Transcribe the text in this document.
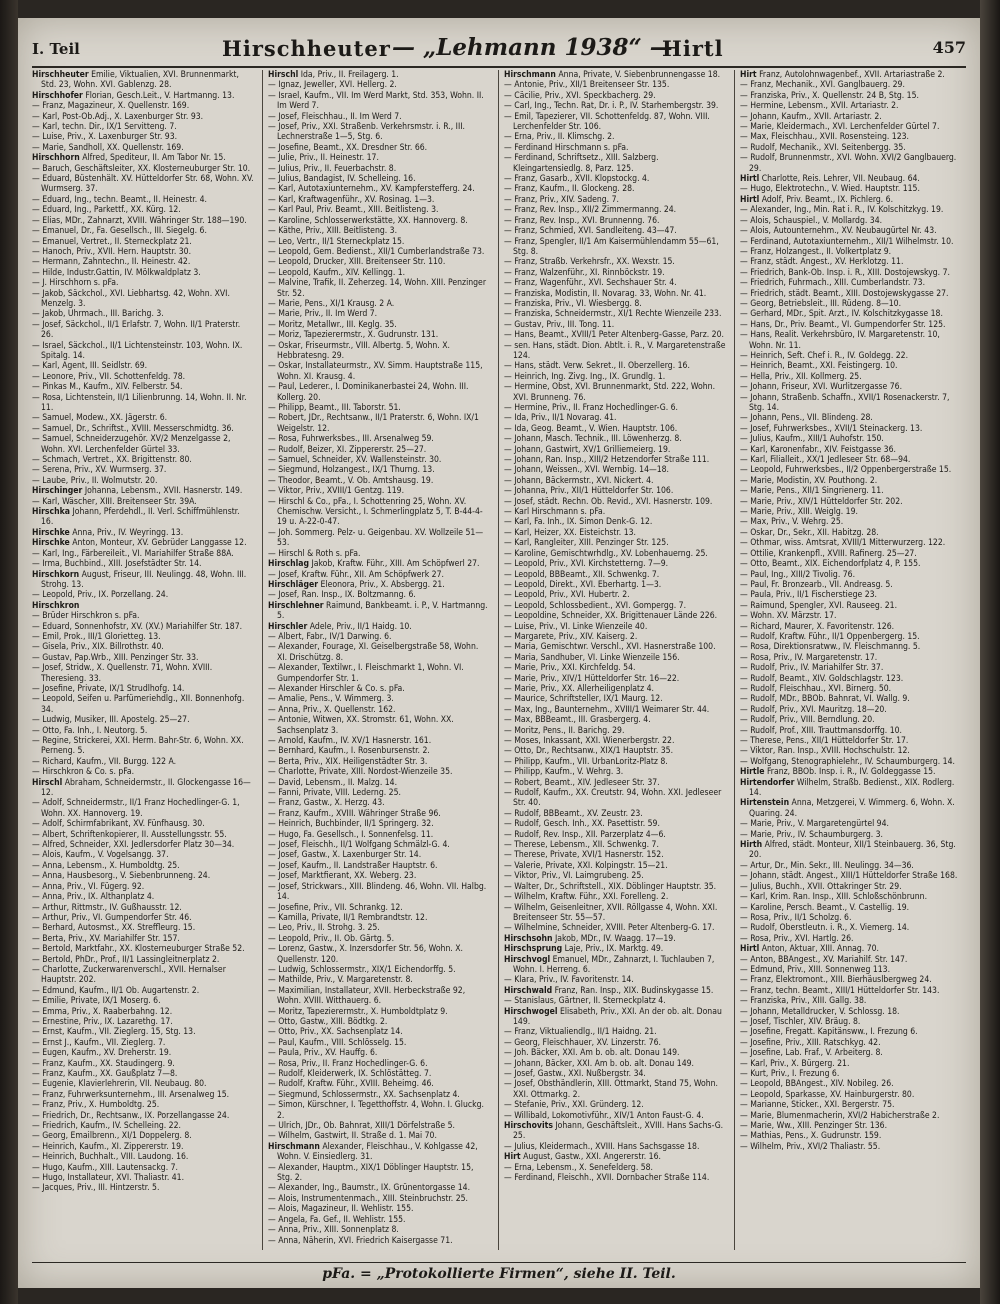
I. Teil	Hirschheuter — „Lehmann 1938“ —
Hirtl	457

Hirschheuter Emilie, Viktualien, XVI. Brunnenmarkt, Std. 23, Wohn. XVI. Gablenzg. 28.

Hirschhofer Florian, Gesch.Leit., V. Hartmanng. 13.

— Franz, Magazineur, X. Quellenstr. 169.

— Karl, Post-Ob.Adj., X. Laxenburger Str. 93.

— Karl, techn. Dir., IX/1 Servitteng. 7.

— Luise, Priv., X. Laxenburger Str. 93.

— Marie, Sandholl, XX. Quellenstr. 169.

Hirschhorn Alfred, Spediteur, II. Am Tabor Nr. 15.

— Baruch, Geschäftsleiter, XX. Klosterneuburger Str. 10.

— Eduard, Büstenhält. XV. Hütteldorfer Str. 68, Wohn. XV. Wurmserg. 37.

— Eduard, Ing., techn. Beamt., II. Heinestr. 4.

— Eduard, Ing., Parkettf., XX. Kürg. 12.

— Elias, MDr., Zahnarzt, XVIII. Währinger Str. 188—190.

— Emanuel, Dr., Fa. Gesellsch., III. Siegelg. 6.

— Emanuel, Vertret., II. Sterneckplatz 21.

— Hanoch, Priv., XVII. Hern. Hauptstr. 30.

— Hermann, Zahntechn., II. Heinestr. 42.

— Hilde, Industr.Gattin, IV. Mölkwaldplatz 3.

— J. Hirschhorn s. pFa.

— Jakob, Säckchol., XVI. Liebhartsg. 42, Wohn. XVI. Menzelg. 3.

— Jakob, Uhrmach., III. Barichg. 3.

— Josef, Säckchol., II/1 Erlafstr. 7, Wohn. II/1 Praterstr. 26.

— Israel, Säckchol., II/1 Lichtensteinstr. 103, Wohn. IX. Spitalg. 14.

— Karl, Agent, III. Seidlstr. 69.

— Leonore, Priv., VII. Schottenfeldg. 78.

— Pinkas M., Kaufm., XIV. Felberstr. 54.

— Rosa, Lichtenstein, II/1 Lilienbrunng. 14, Wohn. II. Nr. 11.

— Samuel, Modew., XX. Jägerstr. 6.

— Samuel, Dr., Schriftst., XVIII. Messerschmidtg. 36.

— Samuel, Schneiderzugehör. XV/2 Menzelgasse 2, Wohn. XVI. Lerchenfelder Gürtel 33.

— Schmach, Vertret., XX. Brigittenstr. 80.

— Serena, Priv., XV. Wurmserg. 37.

— Laube, Priv., II. Wolmutstr. 20.

Hirschinger Johanna, Lebensm., XVII. Hasnerstr. 149.

— Karl, Wäscher, XIII. Breitenseer Str. 39A.

Hirschka Johann, Pferdehdl., II. Verl. Schiffmühlenstr. 16.

Hirschke Anna, Priv., IV. Weyringg. 13.

Hirschke Anton, Monteur, XV. Gebrüder Langgasse 12.

— Karl, Ing., Färbereileit., VI. Mariahilfer Straße 88A.

— Irma, Buchbind., XIII. Josefstädter Str. 14.

Hirschkorn August, Friseur, III. Neulingg. 48, Wohn. III. Strohg. 13.

— Leopold, Priv., IX. Porzellang. 24.

Hirschkron

— Brüder Hirschkron s. pFa.

— Eduard, Sonnenhofstr, XV. (XV.) Mariahilfer Str. 187.

— Emil, Prok., III/1 Glorietteg. 13.

— Gisela, Priv., XIX. Billrothstr. 40.

— Gustav, Pap.Wrb., XIII. Penzinger Str. 33.

— Josef, Stridw., X. Quellenstr. 71, Wohn. XVIII. Theresieng. 33.

— Josefine, Private, IX/1 Strudlhofg. 14.

— Leopold, Seifen u. Parfümeriehdlg., XII. Bonnenhofg. 34.

— Ludwig, Musiker, III. Apostelg. 25—27.

— Otto, Fa. Inh., I. Neutorg. 5.

— Regine, Strickerei, XXI. Herm. Bahr-Str. 6, Wohn. XX. Perneng. 5.

— Richard, Kaufm., VII. Burgg. 122 A.

— Hirschkron & Co. s. pFa.

Hirschl Abraham, Schneidermstr., II. Glockengasse 16—12.

— Adolf, Schneidermstr., II/1 Franz Hochedlinger-G. 1, Wohn. XX. Hannoverg. 19.

— Adolf, Schirmfabrikant, XV. Fünfhausg. 30.

— Albert, Schriftenkopierer, II. Ausstellungsstr. 55.

— Alfred, Schneider, XXI. Jedlersdorfer Platz 30—34.

— Alois, Kaufm., V. Vogelsangg. 37.

— Anna, Lebensm., X. Humboldtg. 25.

— Anna, Hausbesorg., V. Siebenbrunneng. 24.

— Anna, Priv., VI. Fügerg. 92.

— Anna, Priv., IX. Althanplatz 4.

— Arthur, Rittmstr., IV. Gußhausstr. 12.

— Arthur, Priv., VI. Gumpendorfer Str. 46.

— Berhard, Autosmst., XX. Streffleurg. 15.

— Berta, Priv., XV. Mariahilfer Str. 157.

— Bertold, Marktfahr., XX. Klosterneuburger Straße 52.

— Bertold, PhDr., Prof., II/1 Lassingleitnerplatz 2.

— Charlotte, Zuckerwarenverschl., XVII. Hernalser Hauptstr. 202.

— Edmund, Kaufm., II/1 Ob. Augartenstr. 2.

— Emilie, Private, IX/1 Moserg. 6.

— Emma, Priv., X. Raaberbahng. 12.

— Ernestine, Priv., IX. Lazarethg. 17.

— Ernst, Kaufm., VII. Zieglerg. 15, Stg. 13.

— Ernst J., Kaufm., VII. Zieglerg. 7.

— Eugen, Kaufm., XV. Dreherstr. 19.

— Franz, Kaufm., XX. Staudingerg. 9.

— Franz, Kaufm., XX. Gaußplatz 7—8.

— Eugenie, Klavierlehrerin, VII. Neubaug. 80.

— Franz, Fuhrwerksunternehm., III. Arsenalweg 15.

— Franz, Priv., X. Humboldtg. 25.

— Friedrich, Dr., Rechtsanw., IX. Porzellangasse 24.

— Friedrich, Kaufm., IV. Schelleing. 22.

— Georg, Emailbrenn., XI/1 Doppelerg. 8.

— Heinrich, Kaufm., XI. Zippererstr. 19.

— Heinrich, Buchhalt., VIII. Laudong. 16.

— Hugo, Kaufm., XIII. Lautensackg. 7.

— Hugo, Installateur, XVI. Thaliastr. 41.

— Jacques, Priv., III. Hintzerstr. 5.

Hirschl Ida, Priv., II. Freilagerg. 1.

— Ignaz, Jeweller, XVI. Hellerg. 2.

— Israel, Kaufm., VII. Im Werd Markt, Std. 353, Wohn. II. Im Werd 7.

— Josef, Fleischhau., II. Im Werd 7.

— Josef, Priv., XXI. Straßenb. Verkehrsmstr. i. R., III. Lechnerstraße 1—5, Stg. 6.

— Josefine, Beamt., XX. Dresdner Str. 66.

— Julie, Priv., II. Heinestr. 17.

— Julius, Priv., II. Feuerbachstr. 8.

— Julius, Bandagist, IV. Schelleing. 16.

— Karl, Autotaxiunternehm., XV. Kampferstefferg. 24.

— Karl, Kraftwagenführ., XV. Rosinag. 1—3.

— Karl Paul, Priv. Beamt., XIII. Beitlisteng. 3.

— Karoline, Schlosserwerkstätte, XX. Hannoverg. 8.

— Käthe, Priv., XIII. Beitlisteng. 3.

— Leo, Vertr., II/1 Sterneckplatz 15.

— Leopold, Gem. Bedienst., XII/1 Cumberlandstraße 73.

— Leopold, Drucker, XIII. Breitenseer Str. 110.

— Leopold, Kaufm., XIV. Kellingg. 1.

— Malvine, Trafik, II. Zeherzeg. 14, Wohn. XIII. Penzinger Str. 52.

— Marie, Pens., XI/1 Krausg. 2 A.

— Marie, Priv., II. Im Werd 7.

— Moritz, Metallwr., III. Keglg. 35.

— Moriz, Tapezierermstr., X. Gudrunstr. 131.

— Oskar, Friseurmstr., VIII. Albertg. 5, Wohn. X. Hebbratesng. 29.

— Oskar, Installateurmstr., XV. Simm. Hauptstraße 115, Wohn. XI. Krausg. 4.

— Paul, Lederer., I. Dominikanerbastei 24, Wohn. III. Kollerg. 20.

— Philipp, Beamt., III. Taborstr. 51.

— Robert, JDr., Rechtsanw., II/1 Praterstr. 6, Wohn. IX/1 Weigelstr. 12.

— Rosa, Fuhrwerksbes., III. Arsenalweg 59.

— Rudolf, Beizer, XI. Zippererstr. 25—27.

— Samuel, Schneider, XV. Wallensteinstr. 30.

— Siegmund, Holzangest., IX/1 Thurng. 13.

— Theodor, Beamt., V. Ob. Amtshausg. 19.

— Viktor, Priv., XVIII/1 Gentzg. 119.

— Hirschl & Co., pFa., I. Schottenring 25, Wohn. XV. Chemischw. Versicht., I. Schmerlingplatz 5, T. B-44-4-19 u. A-22-0-47.

— Joh. Sommerg. Pelz- u. Geigenbau. XV. Wollzeile 51—53.

— Hirschl & Roth s. pFa.

Hirschlag Jakob, Kraftw. Führ., XIII. Am Schöpfwerl 27.

— Josef, Kraftw. Führ., XII. Am Schöpfwerk 27.

Hirschläger Eleonora, Priv., X. Absbergg. 21.

— Josef, Ran. Insp., IX. Boltzmanng. 6.

Hirschlehner Raimund, Bankbeamt. i. P., V. Hartmanng. 5.

Hirschler Adele, Priv., II/1 Haidg. 10.

— Albert, Fabr., IV/1 Darwing. 6.

— Alexander, Fourage, XI. Geiselbergstraße 58, Wohn. XI. Drischützg. 8.

— Alexander, Textilwr., I. Fleischmarkt 1, Wohn. VI. Gumpendorfer Str. 1.

— Alexander Hirschler & Co. s. pFa.

— Amalie, Pens., V. Wimmerg. 3.

— Anna, Priv., X. Quellenstr. 162.

— Antonie, Witwen, XX. Stromstr. 61, Wohn. XX. Sachsenplatz 3.

— Arnold, Kaufm., IV. XV/1 Hasnerstr. 161.

— Bernhard, Kaufm., I. Rosenbursenstr. 2.

— Berta, Priv., XIX. Heiligenstädter Str. 3.

— Charlotte, Private, XIII. Nordost-Wienzeile 35.

— David, Lebensm., II. Malzg. 14.

— Fanni, Private, VIII. Lederng. 25.

— Franz, Gastw., X. Herzg. 43.

— Franz, Kaufm., XVIII. Währinger Straße 96.

— Heinrich, Buchbinder, II/1 Springerg. 32.

— Hugo, Fa. Gesellsch., I. Sonnenfelsg. 11.

— Josef, Fleischh., II/1 Wolfgang Schmälzl-G. 4.

— Josef, Gastw., X. Laxenburger Str. 14.

— Josef, Kaufm., II. Landstraßer Hauptstr. 6.

— Josef, Marktfierant, XX. Weberg. 23.

— Josef, Strickwars., XIII. Blindeng. 46, Wohn. VII. Halbg. 14.

— Josefine, Priv., VII. Schrankg. 12.

— Kamilla, Private, II/1 Rembrandtstr. 12.

— Leo, Priv., II. Strohg. 3. 25.

— Leopold, Priv., II. Ob. Gärtg. 5.

— Lorenz, Gastw., X. Inzersdorfer Str. 56, Wohn. X. Quellenstr. 120.

— Ludwig, Schlossermstr., XIX/1 Eichendorffg. 5.

— Mathilde, Priv., V. Margaretenstr. 8.

— Maximilian, Installateur, XVII. Herbeckstraße 92, Wohn. XVIII. Witthauerg. 6.

— Moritz, Tapezierermstr., X. Humboldtplatz 9.

— Otto, Gastw., XIII. Bödtkg. 2.

— Otto, Priv., XX. Sachsenplatz 14.

— Paul, Kaufm., VIII. Schlösselg. 15.

— Paula, Priv., XV. Hauffg. 6.

— Rosa, Priv., II. Franz Hochedlinger-G. 6.

— Rudolf, Kleiderwerk, IX. Schlöstätteg. 7.

— Rudolf, Kraftw. Führ., XVIII. Beheimg. 46.

— Siegmund, Schlossermstr., XX. Sachsenplatz 4.

— Simon, Kürschner, I. Tegetthoffstr. 4, Wohn. I. Gluckg. 2.

— Ulrich, JDr., Ob. Bahnrat, XIII/1 Dörfelstraße 5.

— Wilhelm, Gastwirt, II. Straße d. 1. Mai 70.

Hirschmann Alexander, Fleischhau., V. Kohlgasse 42, Wohn. V. Einsiedlerg. 31.

— Alexander, Hauptm., XIX/1 Döblinger Hauptstr. 15, Stg. 2.

— Alexander, Ing., Baumstr., IX. Grünentorgasse 14.

— Alois, Instrumentenmach., XIII. Steinbruchstr. 25.

— Alois, Magazineur, II. Wehlistr. 155.

— Angela, Fa. Gef., II. Wehlistr. 155.

— Anna, Priv., XIII. Sonnenplatz 8.

— Anna, Näherin, XVI. Friedrich Kaisergasse 71.

Hirschmann Anna, Private, V. Siebenbrunnengasse 18.

— Antonie, Priv., XII/1 Breitenseer Str. 135.

— Cäcilie, Priv., XVI. Speckbacherg. 29.

— Carl, Ing., Techn. Rat, Dr. i. P., IV. Starhembergstr. 39.

— Emil, Tapezierer, VII. Schottenfeldg. 87, Wohn. VIII. Lerchenfelder Str. 106.

— Erna, Priv., II. Klimschg. 2.

— Ferdinand Hirschmann s. pFa.

— Ferdinand, Schriftsetz., XIII. Salzberg. Kleingartensiedlg. 8, Parz. 125.

— Franz, Gasarb., XVII. Klopstockg. 4.

— Franz, Kaufm., II. Glockeng. 28.

— Franz, Priv., XIV. Sadeng. 7.

— Franz, Rev. Insp., XII/2 Zimmermanng. 24.

— Franz, Rev. Insp., XVI. Brunnenng. 76.

— Franz, Schmied, XVI. Sandleiteng. 43—47.

— Franz, Spengler, II/1 Am Kaisermühlendamm 55—61, Stg. 8.

— Franz, Straßb. Verkehrsfr., XX. Wexstr. 15.

— Franz, Walzenführ., XI. Rinnböckstr. 19.

— Franz, Wagenführ., XVI. Sechshauer Str. 4.

— Franziska, Modistin, II. Novarag. 33, Wohn. Nr. 41.

— Franziska, Priv., VI. Wiesbergg. 8.

— Franziska, Schneidermstr., XI/1 Rechte Wienzeile 233.

— Gustav, Priv., III. Tong. 11.

— Hans, Beamt., XVIII/1 Peter Altenberg-Gasse, Parz. 20.

— sen. Hans, städt. Dion. Abtlt. i. R., V. Margaretenstraße 124.

— Hans, städt. Verw. Sekret., II. Oberzellerg. 16.

— Heinrich, Ing. Zivg. Ing., IX. Grundlg. 1.

— Hermine, Obst, XVI. Brunnenmarkt, Std. 222, Wohn. XVI. Brunneng. 76.

— Hermine, Priv., II. Franz Hochedlinger-G. 6.

— Ida, Priv., II/1 Novarag. 41.

— Ida, Geog. Beamt., V. Wien. Hauptstr. 106.

— Johann, Masch. Technik., III. Löwenherzg. 8.

— Johann, Gastwirt, XV/1 Grilliemeierg. 19.

— Johann, Ran. Insp., XIII/2 Hetzendorfer Straße 111.

— Johann, Weissen., XVI. Wernbig. 14—18.

— Johann, Bäckermstr., XVI. Nickert. 4.

— Johanna, Priv., XII/1 Hütteldorfer Str. 106.

— Josef, städt. Rechn. Ob. Revid., XVI. Hasnerstr. 109.

— Karl Hirschmann s. pFa.

— Karl, Fa. Inh., IX. Simon Denk-G. 12.

— Karl, Heizer, XX. Eisteichstr. 13.

— Karl, Rangleiter, XIII. Penzinger Str. 125.

— Karoline, Gemischtwrhdlg., XV. Lobenhauerng. 25.

— Leopold, Priv., XVI. Kirchstetterng. 7—9.

— Leopold, BBBeamt., XII. Schwenkg. 7.

— Leopold, Direkt., XVI. Eberhartg. 1—3.

— Leopold, Priv., XVI. Hubertr. 2.

— Leopold, Schlossbedient., XVI. Gompergg. 7.

— Leopoldine, Schneider, XX. Brigittenauer Lände 226.

— Luise, Priv., VI. Linke Wienzeile 40.

— Margarete, Priv., XIV. Kaiserg. 2.

— Maria, Gemischtwr. Verschl., XVI. Hasnerstraße 100.

— Maria, Sandhuber, VI. Linke Wienzeile 156.

— Marie, Priv., XXI. Kirchfeldg. 54.

— Marie, Priv., XIV/1 Hütteldorfer Str. 16—22.

— Marie, Priv., XX. Allerheiligenplatz 4.

— Maurice, Schriftsteller, IX/1 Maurg. 12.

— Max, Ing., Baunternehm., XVIII/1 Weimarer Str. 44.

— Max, BBBeamt., III. Grasbergerg. 4.

— Moritz, Pens., II. Barichg. 29.

— Moses, Inkassant, XXI. Wienerbergstr. 22.

— Otto, Dr., Rechtsanw., XIX/1 Hauptstr. 35.

— Philipp, Kaufm., VII. UrbanLoritz-Platz 8.

— Philipp, Kaufm., V. Wehrg. 3.

— Robert, Beamt., XIV. Jedleseer Str. 37.

— Rudolf, Kaufm., XX. Creutstr. 94, Wohn. XXI. Jedleseer Str. 40.

— Rudolf, BBBeamt., XV. Zeustr. 23.

— Rudolf, Gesch. Inh., XX. Pasettistr. 59.

— Rudolf, Rev. Insp., XII. Parzerplatz 4—6.

— Therese, Lebensm., XII. Schwenkg. 7.

— Therese, Private, XVI/1 Hasnerstr. 152.

— Valerie, Private, XXI. Kolpingstr. 15—21.

— Viktor, Priv., VI. Laimgrubeng. 25.

— Walter, Dr., Schriftstell., XIX. Döblinger Hauptstr. 35.

— Wilhelm, Kraftw. Führ., XXI. Forelleng. 2.

— Wilhelm, Geisenleitner, XVII. Röllgasse 4, Wohn. XXI. Breitenseer Str. 55—57.

— Wilhelmine, Schneider, XVIII. Peter Altenberg-G. 17.

Hirschsohn Jakob, MDr., IV. Waagg. 17—19.

Hirschsprung Laje, Priv., IX. Marktg. 49.

Hirschvogl Emanuel, MDr., Zahnarzt, I. Tuchlauben 7, Wohn. I. Herreng. 6.

— Klara, Priv., IV. Favoritenstr. 14.

Hirschwald Franz, Ran. Insp., XIX. Budinskygasse 15.

— Stanislaus, Gärtner, II. Sterneckplatz 4.

Hirschwogel Elisabeth, Priv., XXI. An der ob. alt. Donau 149.

— Franz, Viktualiendlg., II/1 Haidng. 21.

— Georg, Fleischhauer, XV. Linzerstr. 76.

— Joh. Bäcker, XXI. Am b. ob. alt. Donau 149.

— Johann, Bäcker, XXI. Am b. ob. alt. Donau 149.

— Josef, Gastw., XXI. Nußbergstr. 34.

— Josef, Obsthändlerin, XIII. Ottmarkt, Stand 75, Wohn. XXI. Ottmarkg. 2.

— Stefanie, Priv., XXI. Gründerg. 12.

— Willibald, Lokomotivführ., XIV/1 Anton Faust-G. 4.

Hirschovits Johann, Geschäftsleit., XVIII. Hans Sachs-G. 25.

— Julius, Kleidermach., XVIII. Hans Sachsgasse 18.

Hirt August, Gastw., XXI. Angererstr. 16.

— Erna, Lebensm., X. Senefelderg. 58.

— Ferdinand, Fleischh., XVII. Dornbacher Straße 114.

Hirt Franz, Autolohnwagenbef., XVII. Artariastraße 2.

— Franz, Mechanik., XVI. Ganglbauerg. 29.

— Franziska, Priv., X. Quellenstr. 24 B, Stg. 15.

— Hermine, Lebensm., XVII. Artariastr. 2.

— Johann, Kaufm., XVII. Artariastr. 2.

— Marie, Kleidermach., XVI. Lerchenfelder Gürtel 7.

— Max, Fleischhau., XVII. Rosensteing. 123.

— Rudolf, Mechanik., XVI. Seitenbergg. 35.

— Rudolf, Brunnenmstr., XVI. Wohn. XVI/2 Ganglbauerg. 29.

Hirtl Charlotte, Reis. Lehrer, VII. Neubaug. 64.

— Hugo, Elektrotechn., V. Wied. Hauptstr. 115.

Hirtl Adolf, Priv. Beamt., IX. Pichlerg. 6.

— Alexander, Ing., Min. Rat i. R., IV. Kolschitzkyg. 19.

— Alois, Schauspiel., V. Mollardg. 34.

— Alois, Autounternehm., XV. Neubaugürtel Nr. 43.

— Ferdinand, Autotaxiunternehm., XII/1 Wilhelmstr. 10.

— Franz, Holzangest., II. Volkertplatz 9.

— Franz, städt. Angest., XV. Herklotzg. 11.

— Friedrich, Bank-Ob. Insp. i. R., XIII. Dostojewskyg. 7.

— Friedrich, Fuhrmach., XIII. Cumberlandstr. 73.

— Friedrich, städt. Beamt., XIII. Dostojewskygasse 27.

— Georg, Betriebsleit., III. Rüdeng. 8—10.

— Gerhard, MDr., Spit. Arzt., IV. Kolschitzkygasse 18.

— Hans, Dr., Priv. Beamt., VI. Gumpendorfer Str. 125.

— Hans, Realit. Verkehrsbüro, IV. Margaretenstr. 10, Wohn. Nr. 11.

— Heinrich, Seft. Chef i. R., IV. Goldegg. 22.

— Heinrich, Beamt., XXI. Feistingerg. 10.

— Hella, Priv., XII. Kollmerg. 25.

— Johann, Friseur, XVI. Wurlitzergasse 76.

— Johann, Straßenb. Schaffn., XVII/1 Rosenackerstr. 7, Stg. 14.

— Johann, Pens., VII. Blindeng. 28.

— Josef, Fuhrwerksbes., XVII/1 Steinackerg. 13.

— Julius, Kaufm., XIII/1 Auhofstr. 150.

— Karl, Karonenfabr., XIV. Feistgasse 36.

— Karl, Filialleit., XX/1 Jedleseer Str. 68—94.

— Leopold, Fuhrwerksbes., II/2 Oppenbergerstraße 15.

— Marie, Modistin, XV. Pouthong. 2.

— Marie, Pens., XII/1 Singrienerg. 11.

— Marie, Priv., XIV/1 Hütteldorfer Str. 202.

— Marie, Priv., XIII. Weiglg. 19.

— Max, Priv., V. Wehrg. 25.

— Oskar, Dr., Sekr., XII. Habitzg. 28.

— Othmar, wiss. Amtsrat, XVIII/1 Mitterwurzerg. 122.

— Ottilie, Krankenpfl., XVIII. Rafinerg. 25—27.

— Otto, Beamt., XIX. Eichendorfplatz 4, P. 155.

— Paul, Ing., XIII/2 Tivolig. 76.

— Paul, Fr. Bronzearb., VII. Andreasg. 5.

— Paula, Priv., II/1 Fischerstiege 23.

— Raimund, Spengler, XVI. Rauseeg. 21.

— Wohn. XV. Märzstr. 17.

— Richard, Maurer, X. Favoritenstr. 126.

— Rudolf, Kraftw. Führ., II/1 Oppenbergerg. 15.

— Rosa, Direktionsratww., IV. Fleischmanng. 5.

— Rosa, Priv., IV. Margaretenstr. 17.

— Rudolf, Priv., IV. Mariahilfer Str. 37.

— Rudolf, Beamt., XIV. Goldschlagstr. 123.

— Rudolf, Fleischhau., XVI. Birnerg. 50.

— Rudolf, MDr., BBOb. Bahnrat, VI. Wallg. 9.

— Rudolf, Priv., XVI. Mauritzg. 18—20.

— Rudolf, Priv., VIII. Berndlung. 20.

— Rudolf, Prof., XIII. Trauttmansdorffg. 10.

— Therese, Pens., XII/1 Hütteldorfer Str. 17.

— Viktor, Ran. Insp., XVIII. Hochschulstr. 12.

— Wolfgang, Stenographielehr., IV. Schaumburgerg. 14.

Hirtle Franz, BBOb. Insp. i. R., IV. Goldeggasse 15.

Hirtendorfer Wilhelm, Straßb. Bedienst., XIX. Rodlerg. 14.

Hirtenstein Anna, Metzgerei, V. Wimmerg. 6, Wohn. X. Quaring. 24.

— Marie, Priv., V. Margaretengürtel 94.

— Marie, Priv., IV. Schaumburgerg. 3.

Hirth Alfred, städt. Monteur, XII/1 Steinbauerg. 36, Stg. 20.

— Artur, Dr., Min. Sekr., III. Neulingg. 34—36.

— Johann, städt. Angest., XIII/1 Hütteldorfer Straße 168.

— Julius, Buchh., XVII. Ottakringer Str. 29.

— Karl, Krim. Ran. Insp., XIII. Schloßschönbrunn.

— Karoline, Persch. Beamt., V. Castellig. 19.

— Rosa, Priv., II/1 Scholzg. 6.

— Rudolf, Oberstleutn. i. R., X. Viemerg. 14.

— Rosa, Priv., XVI. Hartlg. 26.

Hirtl Anton, Aktuar, XIII. Annag. 70.

— Anton, BBAngest., XV. Mariahilf. Str. 147.

— Edmund, Priv., XIII. Sonnenweg 113.

— Franz, Elektromont., XIII. Bierhäuslbergweg 24.

— Franz, techn. Beamt., XIII/1 Hütteldorfer Str. 143.

— Franziska, Priv., XIII. Gallg. 38.

— Johann, Metalldrucker, V. Schlossg. 18.

— Josef, Tischler, XIV. Bräug. 8.

— Josefine, Fregatt. Kapitänsww., I. Frezung 6.

— Josefine, Priv., XIII. Ratschkyg. 42.

— Josefine, Lab. Fraf., V. Arbeiterg. 8.

— Karl, Priv., X. Bürgerg. 21.

— Kurt, Priv., I. Frezung 6.

— Leopold, BBAngest., XIV. Nobileg. 26.

— Leopold, Sparkasse, XV. Hainburgerstr. 80.

— Marianne, Sticker., XXI. Bergerstr. 75.

— Marie, Blumenmacherin, XVI/2 Habicherstraße 2.

— Marie, Ww., XIII. Penzinger Str. 136.

— Mathias, Pens., X. Gudrunstr. 159.

— Wilhelm, Priv., XVI/2 Thaliastr. 55.

pFa. = „Protokollierte Firmen“, siehe II. Teil.
